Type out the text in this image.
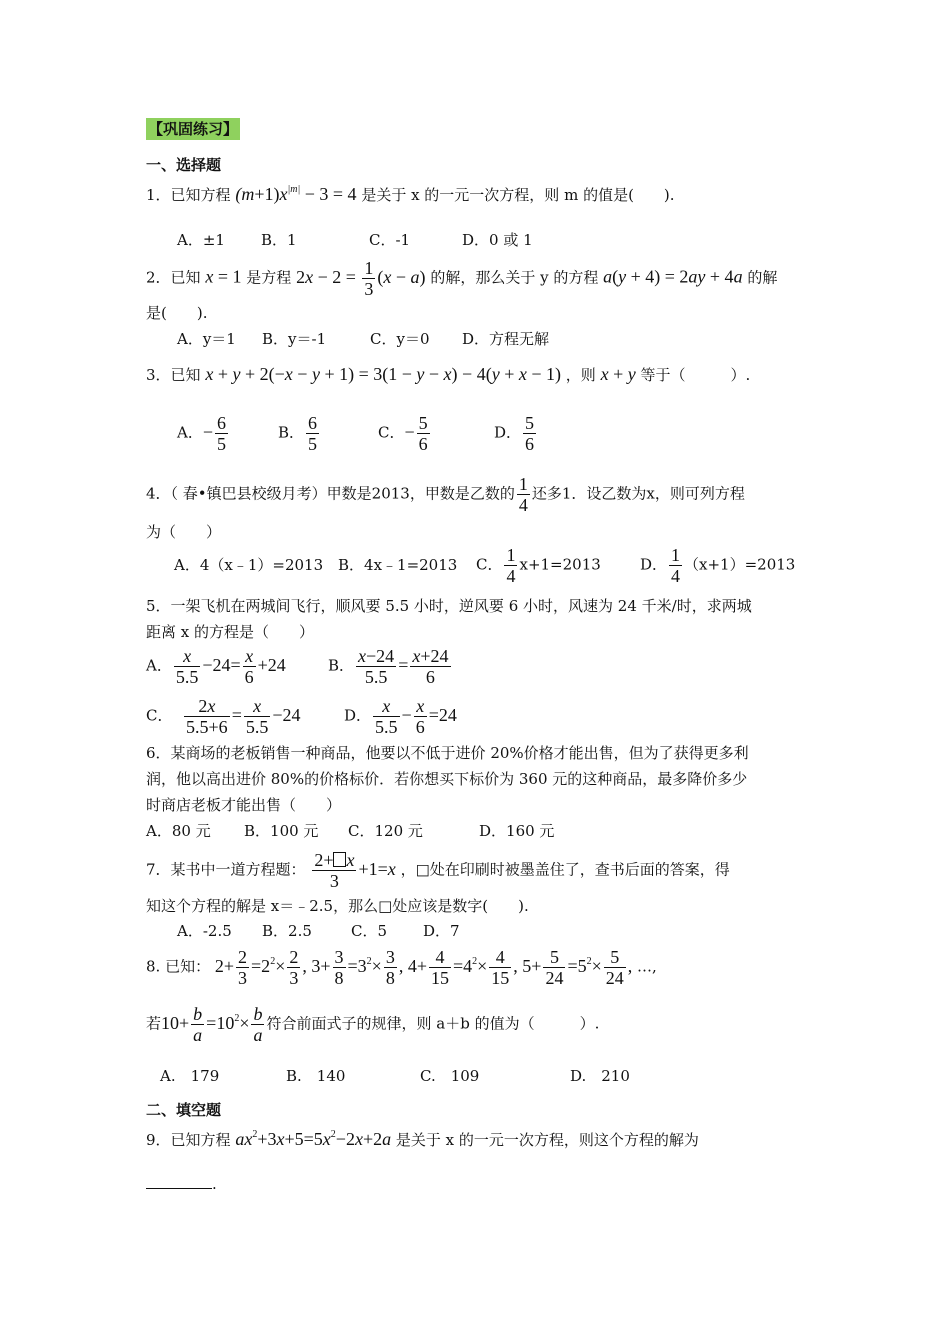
【巩固练习】
一、选择题
1．已知方程 $(m+1)x^{|m|} - 3 = 4$ 是关于 x 的一元一次方程，则 m 的值是(　　).
A．±1 B．1	C．-1	D．0 或 1
2．已知 x = 1 是方程 $2x - 2 = \frac{1}{3} (x - a)$ 的解，那么关于 y 的方程 a(y + 4) = 2ay + 4a 的解
是(　　).
A．y＝1 B．y＝-1	C．y＝0 D．方程无解
3．已知 x + y + 2(−x − y + 1) = 3(1 − y − x) − 4(y + x − 1) ，则 x + y 等于（　　　）.
A．− $\frac{6}{5}$	B． $\frac{6}{5}$	C．− $\frac{5}{6}$	D． $\frac{5}{6}$
4．（ 春•镇巴县校级月考）甲数是2013，甲数是乙数的 $\frac{1}{4}$ 还多1．设乙数为x，则可列方程
为（　　）
A．4（x﹣1）=2013 B．4x﹣1=2013 C． $\frac{1}{4} x+1=2013$	D． $\frac{1}{4} (x+1)=2013$
5．一架飞机在两城间飞行，顺风要 5.5 小时，逆风要 6 小时，风速为 24 千米/时，求两城
距离 x 的方程是（　　）
A． $\frac{x}{5.5} -24= \frac{x}{6} +24$	B． $\frac{x-24}{5.5} = \frac{x+24}{6}$
C． $\frac{2x}{5.5+6} = \frac{x}{5.5} -24$	D． $\frac{x}{5.5} - \frac{x}{6} =24$
6．某商场的老板销售一种商品，他要以不低于进价 20%价格才能出售，但为了获得更多利
润，他以高出进价 80%的价格标价．若你想买下标价为 360 元的这种商品，最多降价多少
时商店老板才能出售（　　）
A．80 元 B．100 元 C．120 元	D．160 元
7．某书中一道方程题： $\frac{2+ x}{3} +1=x$ ，□处在印刷时被墨盖住了，查书后面的答案，得
知这个方程的解是 x＝﹣2.5，那么□处应该是数字(　　).
A．-2.5 B．2.5	C．5 D．7
8. 已知： $2+ \frac{2}{3} =2^2\times \frac{2}{3}$ , $3+ \frac{3}{8} =3^2\times \frac{3}{8}$ , $4+ \frac{4}{15} =4^2\times \frac{4}{15}$ , $5+ \frac{5}{24} =5^2\times \frac{5}{24}$ , …,
若$10+ \frac{b}{a} =10^2\times \frac{b}{a}$ 符合前面式子的规律，则 a＋b 的值为（　　　）.
A.　179	B.　140	C.　109	D.　210
二、填空题
9．已知方程 $ax^2+3x+5=5x^2-2x+2a$ 是关于 x 的一元一次方程，则这个方程的解为
.
